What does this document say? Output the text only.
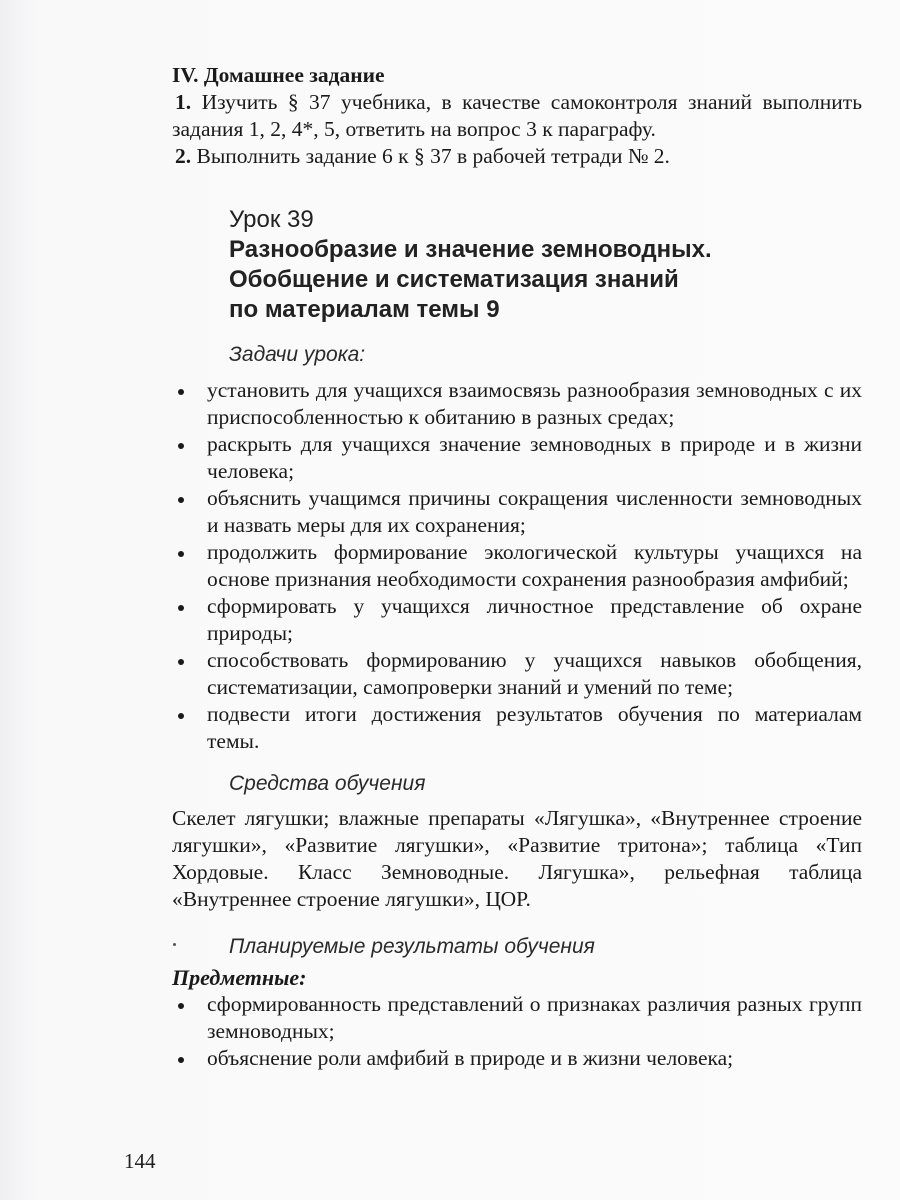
IV. Домашнее задание
1. Изучить § 37 учебника, в качестве самоконтроля знаний выполнить задания 1, 2, 4*, 5, ответить на вопрос 3 к параграфу.
2. Выполнить задание 6 к § 37 в рабочей тетради № 2.
Урок 39
Разнообразие и значение земноводных.
Обобщение и систематизация знаний
по материалам темы 9
Задачи урока:
установить для учащихся взаимосвязь разнообразия земноводных с их приспособленностью к обитанию в разных средах;
раскрыть для учащихся значение земноводных в природе и в жизни человека;
объяснить учащимся причины сокращения численности земноводных и назвать меры для их сохранения;
продолжить формирование экологической культуры учащихся на основе признания необходимости сохранения разнообразия амфибий;
сформировать у учащихся личностное представление об охране природы;
способствовать формированию у учащихся навыков обобщения, систематизации, самопроверки знаний и умений по теме;
подвести итоги достижения результатов обучения по материалам темы.
Средства обучения
Скелет лягушки; влажные препараты «Лягушка», «Внутреннее строение лягушки», «Развитие лягушки», «Развитие тритона»; таблица «Тип Хордовые. Класс Земноводные. Лягушка», рельефная таблица «Внутреннее строение лягушки», ЦОР.
Планируемые результаты обучения
Предметные:
сформированность представлений о признаках различия разных групп земноводных;
объяснение роли амфибий в природе и в жизни человека;
144
